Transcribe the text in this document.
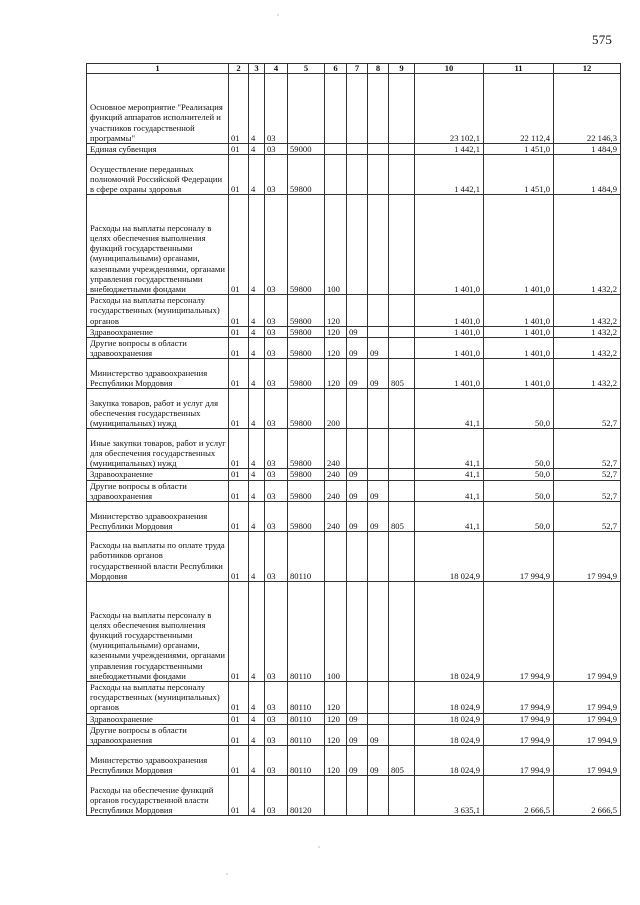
575
1	2	3	4	5	6	7	8	9	10	11	12
Основное мероприятие "Реализация функций аппаратов исполнителей и участников государственной программы"	01	4	03						23 102,1	22 112,4	22 146,3
Единая субвенция	01	4	03	59000					1 442,1	1 451,0	1 484,9
Осуществление переданных полномочий Российской Федерации в сфере охраны здоровья	01	4	03	59800					1 442,1	1 451,0	1 484,9
Расходы на выплаты персоналу в целях обеспечения выполнения функций государственными (муниципальными) органами, казенными учреждениями, органами управления государственными внебюджетными фондами	01	4	03	59800	100				1 401,0	1 401,0	1 432,2
Расходы на выплаты персоналу государственных (муниципальных) органов	01	4	03	59800	120				1 401,0	1 401,0	1 432,2
Здравоохранение	01	4	03	59800	120	09			1 401,0	1 401,0	1 432,2
Другие вопросы в области здравоохранения	01	4	03	59800	120	09	09		1 401,0	1 401,0	1 432,2
Министерство здравоохранения Республики Мордовия	01	4	03	59800	120	09	09	805	1 401,0	1 401,0	1 432,2
Закупка товаров, работ и услуг для обеспечения государственных (муниципальных) нужд	01	4	03	59800	200				41,1	50,0	52,7
Иные закупки товаров, работ и услуг для обеспечения государственных (муниципальных) нужд	01	4	03	59800	240				41,1	50,0	52,7
Здравоохранение	01	4	03	59800	240	09			41,1	50,0	52,7
Другие вопросы в области здравоохранения	01	4	03	59800	240	09	09		41,1	50,0	52,7
Министерство здравоохранения Республики Мордовия	01	4	03	59800	240	09	09	805	41,1	50,0	52,7
Расходы на выплаты по оплате труда работников органов государственной власти Республики Мордовия	01	4	03	80110					18 024,9	17 994,9	17 994,9
Расходы на выплаты персоналу в целях обеспечения выполнения функций государственными (муниципальными) органами, казенными учреждениями, органами управления государственными внебюджетными фондами	01	4	03	80110	100				18 024,9	17 994,9	17 994,9
Расходы на выплаты персоналу государственных (муниципальных) органов	01	4	03	80110	120				18 024,9	17 994,9	17 994,9
Здравоохранение	01	4	03	80110	120	09			18 024,9	17 994,9	17 994,9
Другие вопросы в области здравоохранения	01	4	03	80110	120	09	09		18 024,9	17 994,9	17 994,9
Министерство здравоохранения Республики Мордовия	01	4	03	80110	120	09	09	805	18 024,9	17 994,9	17 994,9
Расходы на обеспечение функций органов государственной власти Республики Мордовия	01	4	03	80120					3 635,1	2 666,5	2 666,5
